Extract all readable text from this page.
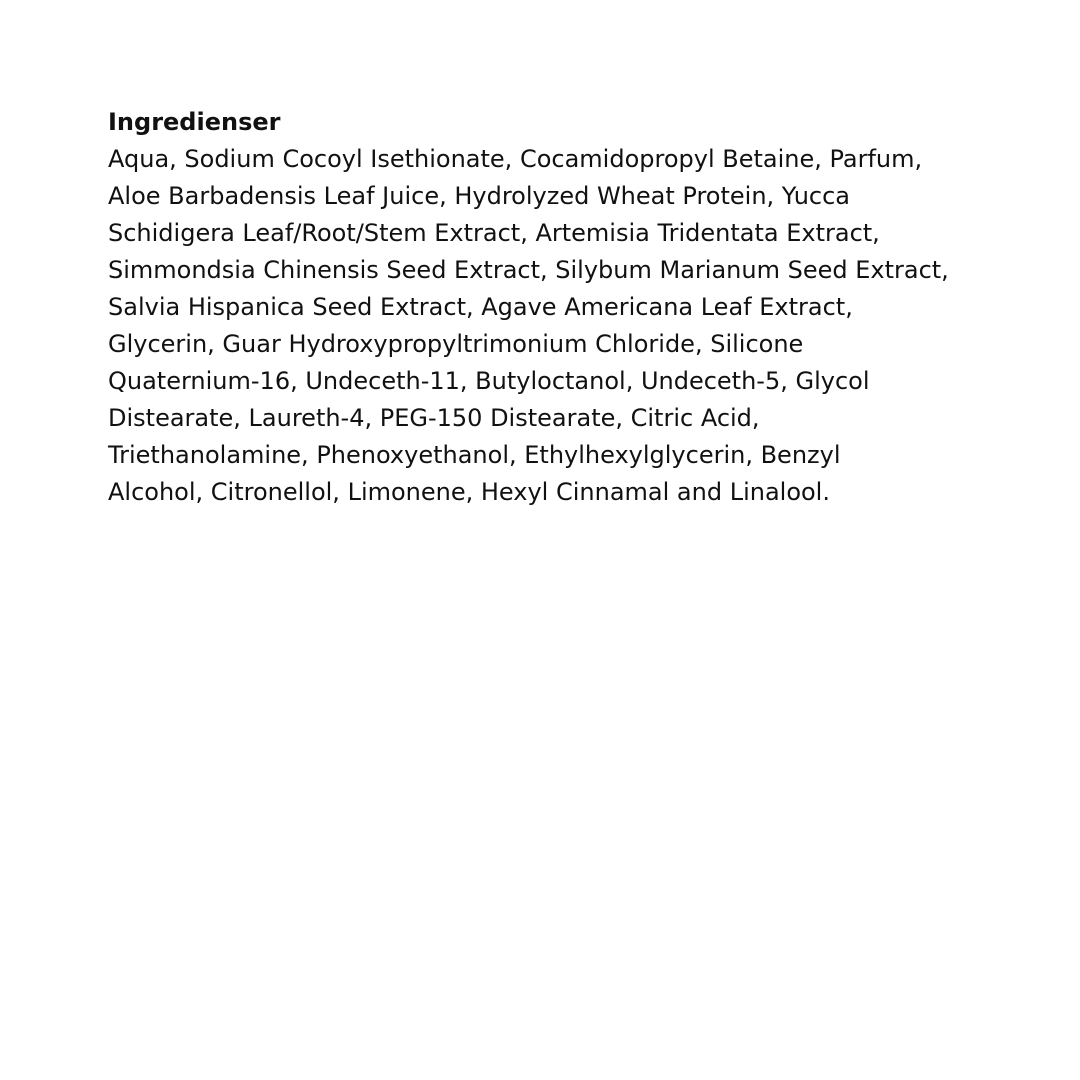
Ingredienser

Aqua, Sodium Cocoyl Isethionate, Cocamidopropyl Betaine, Parfum,
Aloe Barbadensis Leaf Juice, Hydrolyzed Wheat Protein, Yucca
Schidigera Leaf/Root/Stem Extract, Artemisia Tridentata Extract,
Simmondsia Chinensis Seed Extract, Silybum Marianum Seed Extract,
Salvia Hispanica Seed Extract, Agave Americana Leaf Extract,
Glycerin, Guar Hydroxypropyltrimonium Chloride, Silicone
Quaternium-16, Undeceth-11, Butyloctanol, Undeceth-5, Glycol
Distearate, Laureth-4, PEG-150 Distearate, Citric Acid,
Triethanolamine, Phenoxyethanol, Ethylhexylglycerin, Benzyl
Alcohol, Citronellol, Limonene, Hexyl Cinnamal and Linalool.
